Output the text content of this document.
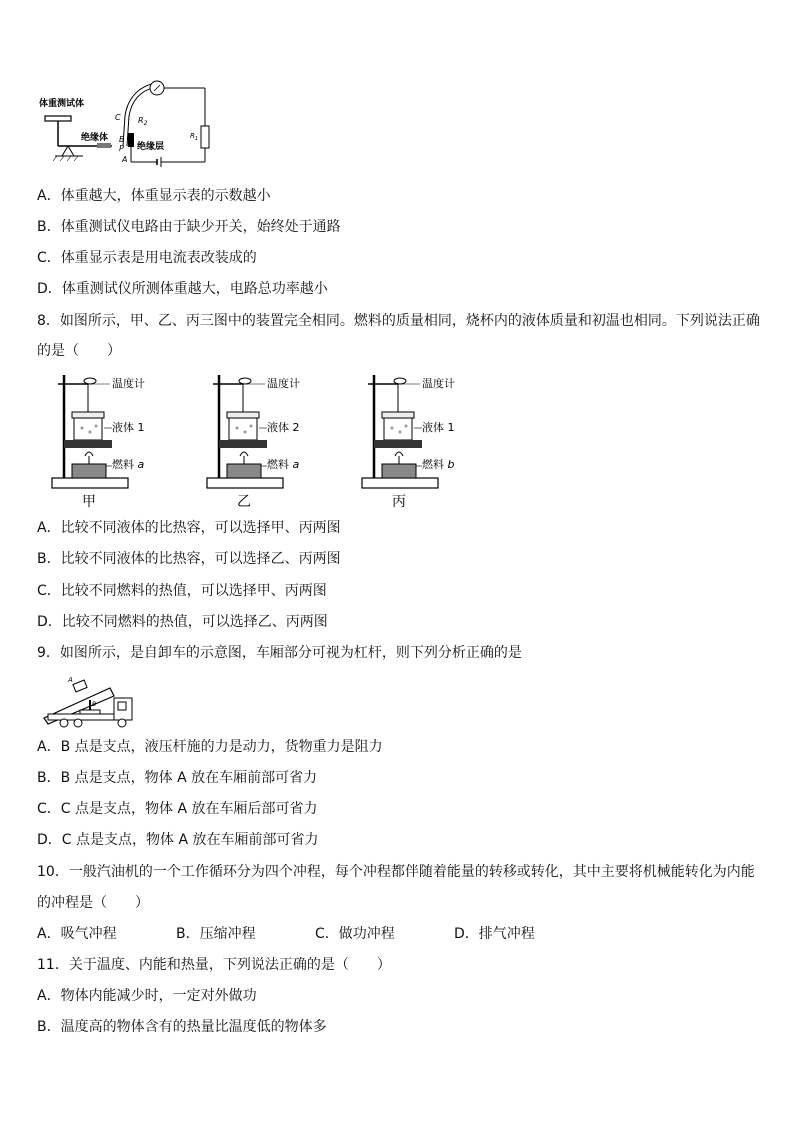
体重测试体
绝缘体
C
B
P
A
$R_2$
绝缘层
$R_1$
A．体重越大，体重显示表的示数越小
B．体重测试仪电路由于缺少开关，始终处于通路
C．体重显示表是用电流表改装成的
D．体重测试仪所测体重越大，电路总功率越小
8．如图所示，甲、乙、丙三图中的装置完全相同。燃料的质量相同，烧杯内的液体质量和初温也相同。下列说法正确
的是（　　）
温度计
液体 1
燃料 a
甲
温度计
液体 2
燃料 a
乙
温度计
液体 1
燃料 b
丙
A．比较不同液体的比热容，可以选择甲、丙两图
B．比较不同液体的比热容，可以选择乙、丙两图
C．比较不同燃料的热值，可以选择甲、丙两图
D．比较不同燃料的热值，可以选择乙、丙两图
9．如图所示，是自卸车的示意图，车厢部分可视为杠杆，则下列分析正确的是
A
B
A．B 点是支点，液压杆施的力是动力，货物重力是阻力
B．B 点是支点，物体 A 放在车厢前部可省力
C．C 点是支点，物体 A 放在车厢后部可省力
D．C 点是支点，物体 A 放在车厢前部可省力
10．一般汽油机的一个工作循环分为四个冲程，每个冲程都伴随着能量的转移或转化，其中主要将机械能转化为内能
的冲程是（　　）
A．吸气冲程	B．压缩冲程	C．做功冲程	D．排气冲程
11．关于温度、内能和热量，下列说法正确的是（　　）
A．物体内能减少时，一定对外做功
B．温度高的物体含有的热量比温度低的物体多
